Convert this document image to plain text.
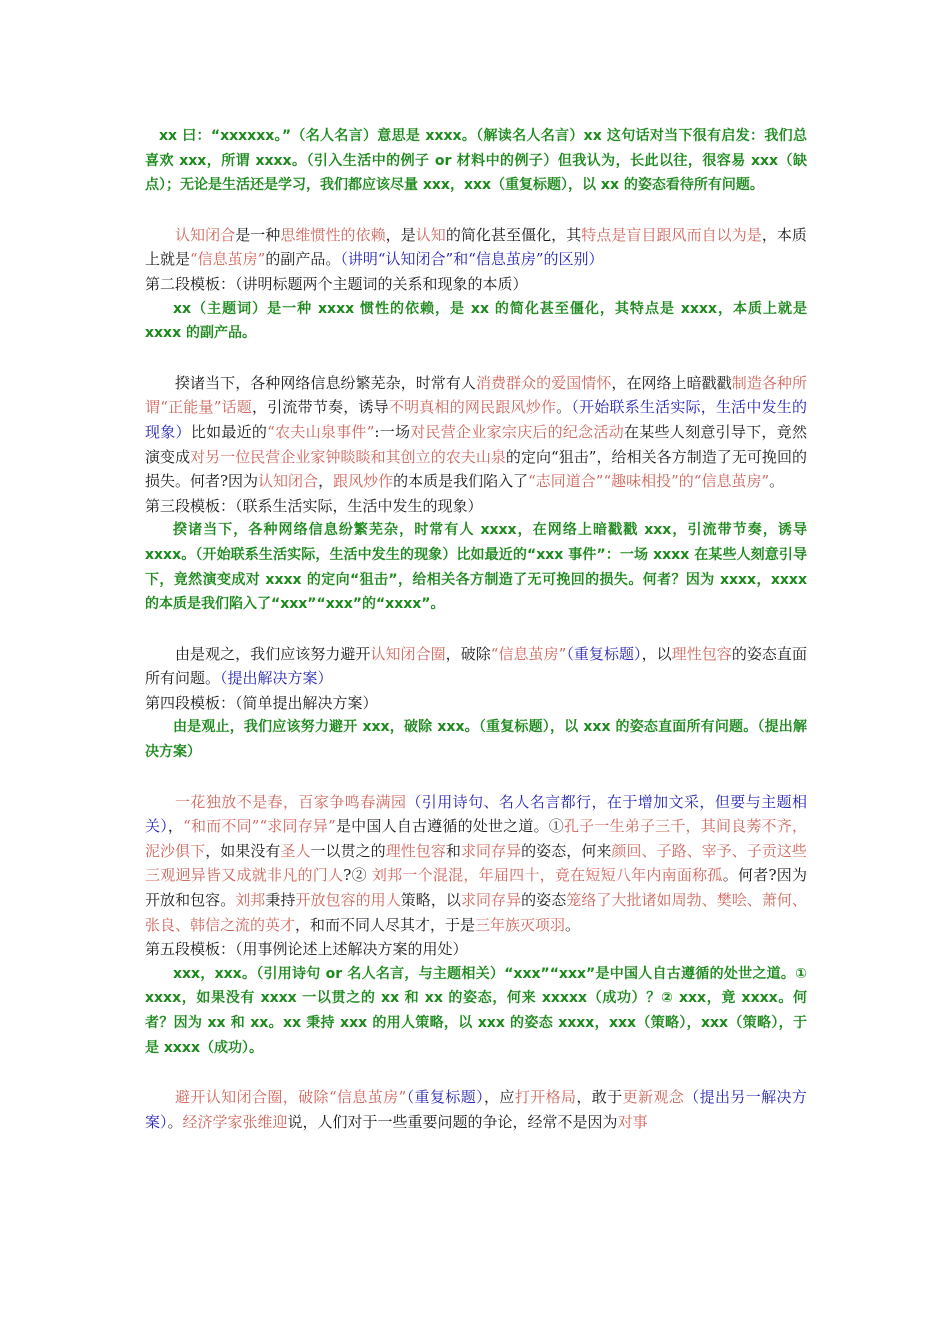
xx 曰：“xxxxxx。”（名人名言）意思是 xxxx。（解读名人名言）xx 这句话对当下很有启发：我们总喜欢 xxx，所谓 xxxx。（引入生活中的例子 or 材料中的例子）但我认为，长此以往，很容易 xxx（缺点）；无论是生活还是学习，我们都应该尽量 xxx，xxx（重复标题），以 xx 的姿态看待所有问题。

认知闭合是一种思维惯性的依赖，是认知的简化甚至僵化，其特点是盲目跟风而自以为是，本质上就是“信息茧房”的副产品。（讲明“认知闭合”和“信息茧房”的区别）

第二段模板：（讲明标题两个主题词的关系和现象的本质）

xx（主题词）是一种 xxxx 惯性的依赖，是 xx 的简化甚至僵化，其特点是 xxxx，本质上就是 xxxx 的副产品。

揆诸当下，各种网络信息纷繁芜杂，时常有人消费群众的爱国情怀，在网络上暗戳戳制造各种所谓“正能量”话题，引流带节奏，诱导不明真相的网民跟风炒作。（开始联系生活实际，生活中发生的现象）比如最近的“农夫山泉事件”:一场对民营企业家宗庆后的纪念活动在某些人刻意引导下，竟然演变成对另一位民营企业家钟睒睒和其创立的农夫山泉的定向“狙击”，给相关各方制造了无可挽回的损失。何者?因为认知闭合，跟风炒作的本质是我们陷入了“志同道合”“趣味相投”的“信息茧房”。

第三段模板：（联系生活实际，生活中发生的现象）

揆诸当下，各种网络信息纷繁芜杂，时常有人 xxxx，在网络上暗戳戳 xxx，引流带节奏，诱导 xxxx。（开始联系生活实际，生活中发生的现象）比如最近的“xxx 事件”：一场 xxxx 在某些人刻意引导下，竟然演变成对 xxxx 的定向“狙击”，给相关各方制造了无可挽回的损失。何者？因为 xxxx，xxxx 的本质是我们陷入了“xxx”“xxx”的“xxxx”。

由是观之，我们应该努力避开认知闭合圈，破除“信息茧房”（重复标题），以理性包容的姿态直面所有问题。（提出解决方案）

第四段模板：（简单提出解决方案）

由是观止，我们应该努力避开 xxx，破除 xxx。（重复标题），以 xxx 的姿态直面所有问题。（提出解决方案）

一花独放不是春，百家争鸣春满园（引用诗句、名人名言都行，在于增加文采，但要与主题相关），“和而不同”“求同存异”是中国人自古遵循的处世之道。①孔子一生弟子三千，其间良莠不齐，泥沙俱下，如果没有圣人一以贯之的理性包容和求同存异的姿态，何来颜回、子路、宰予、子贡这些三观迥异皆又成就非凡的门人?② 刘邦一个混混，年届四十，竟在短短八年内南面称孤。何者?因为开放和包容。刘邦秉持开放包容的用人策略，以求同存异的姿态笼络了大批诸如周勃、樊哙、萧何、张良、韩信之流的英才，和而不同人尽其才，于是三年族灭项羽。

第五段模板：（用事例论述上述解决方案的用处）

xxx，xxx。（引用诗句 or 名人名言，与主题相关）“xxx”“xxx”是中国人自古遵循的处世之道。① xxxx，如果没有 xxxx 一以贯之的 xx 和 xx 的姿态，何来 xxxxx（成功）？② xxx，竟 xxxx。何者？因为 xx 和 xx。xx 秉持 xxx 的用人策略，以 xxx 的姿态 xxxx，xxx（策略），xxx（策略），于是 xxxx（成功）。

避开认知闭合圈，破除“信息茧房”（重复标题），应打开格局，敢于更新观念（提出另一解决方案）。经济学家张维迎说，人们对于一些重要问题的争论，经常不是因为对事
